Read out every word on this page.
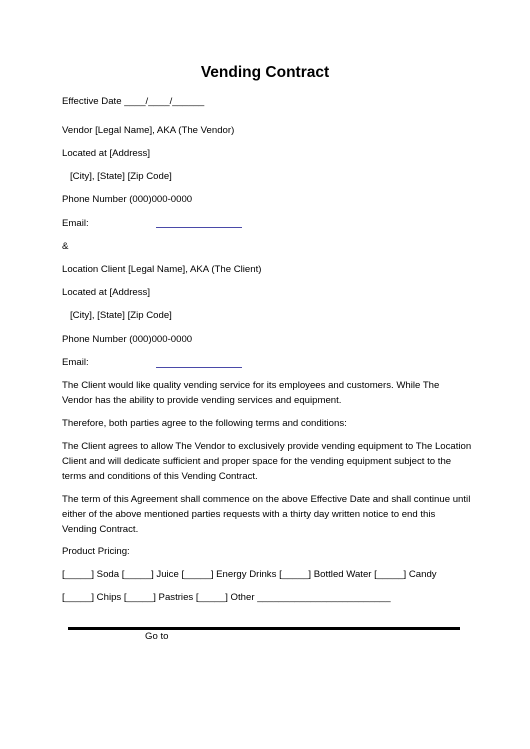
Vending Contract
Effective Date ____/____/______
Vendor [Legal Name], AKA (The Vendor)
Located at [Address]
[City], [State] [Zip Code]
Phone Number (000)000-0000
Email:
&
Location Client [Legal Name], AKA (The Client)
Located at [Address]
[City], [State] [Zip Code]
Phone Number (000)000-0000
Email:
The Client would like quality vending service for its employees and customers. While The Vendor has the ability to provide vending services and equipment.
Therefore, both parties agree to the following terms and conditions:
The Client agrees to allow The Vendor to exclusively provide vending equipment to The Location Client and will dedicate sufficient and proper space for the vending equipment subject to the terms and conditions of this Vending Contract.
The term of this Agreement shall commence on the above Effective Date and shall continue until either of the above mentioned parties requests with a thirty day written notice to end this Vending Contract.
Product Pricing:
[_____] Soda [_____] Juice [_____] Energy Drinks [_____] Bottled Water [_____] Candy
[_____] Chips [_____] Pastries [_____] Other _________________________
Go to
